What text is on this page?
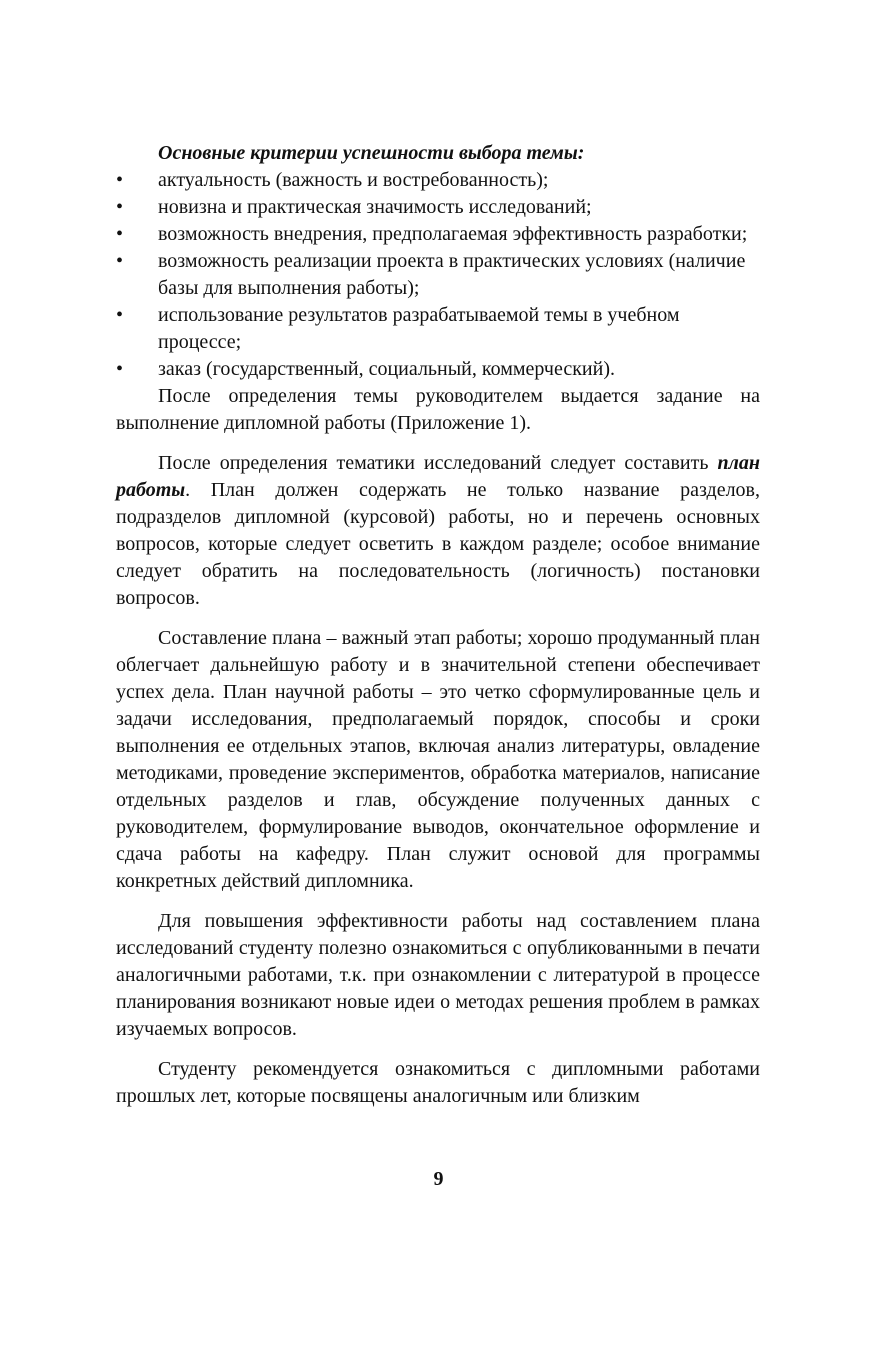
Основные критерии успешности выбора темы:

• актуальность (важность и востребованность);
• новизна и практическая значимость исследований;
• возможность внедрения, предполагаемая эффективность разработки;
• возможность реализации проекта в практических условиях (наличие базы для выполнения работы);
• использование результатов разрабатываемой темы в учебном процессе;
• заказ (государственный, социальный, коммерческий).

После определения темы руководителем выдается задание на выполнение дипломной работы (Приложение 1).

После определения тематики исследований следует составить план работы. План должен содержать не только название разделов, подразделов дипломной (курсовой) работы, но и перечень основных вопросов, которые следует осветить в каждом разделе; особое внимание следует обратить на последовательность (логичность) постановки вопросов.

Составление плана – важный этап работы; хорошо продуманный план облегчает дальнейшую работу и в значительной степени обеспечивает успех дела. План научной работы – это четко сформулированные цель и задачи исследования, предполагаемый порядок, способы и сроки выполнения ее отдельных этапов, включая анализ литературы, овладение методиками, проведение экспериментов, обработка материалов, написание отдельных разделов и глав, обсуждение полученных данных с руководителем, формулирование выводов, окончательное оформление и сдача работы на кафедру. План служит основой для программы конкретных действий дипломника.

Для повышения эффективности работы над составлением плана исследований студенту полезно ознакомиться с опубликованными в печати аналогичными работами, т.к. при ознакомлении с литературой в процессе планирования возникают новые идеи о методах решения проблем в рамках изучаемых вопросов.

Студенту рекомендуется ознакомиться с дипломными работами прошлых лет, которые посвящены аналогичным или близким

9
